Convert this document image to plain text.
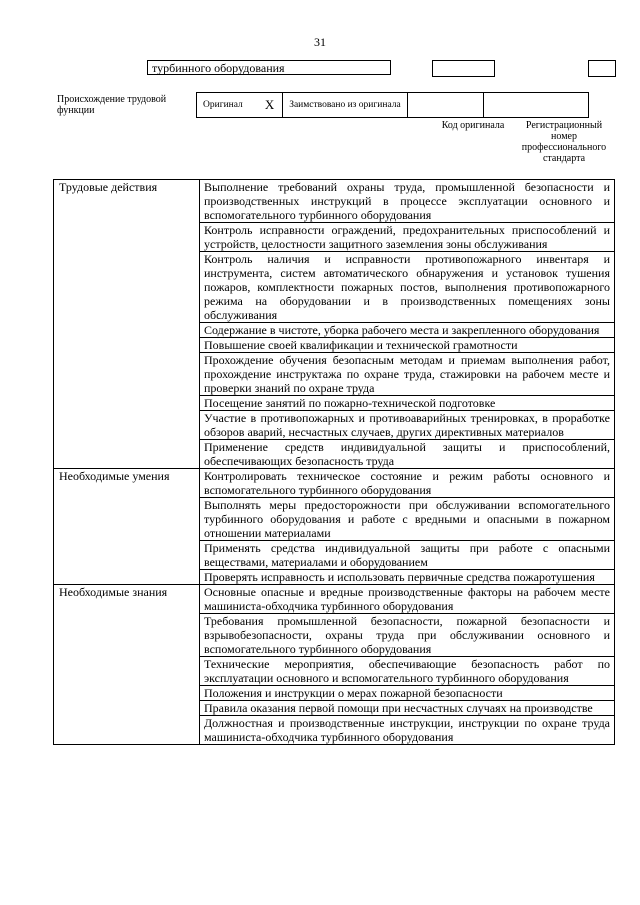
31
турбинного оборудования
Происхождение трудовой функции	Оригинал	X	Заимствовано из оригинала		
Код оригинала	Регистрационный номер профессионального стандарта
Трудовые действия	Выполнение требований охраны труда, промышленной безопасности и производственных инструкций в процессе эксплуатации основного и вспомогательного турбинного оборудования
	Контроль исправности ограждений, предохранительных приспособлений и устройств, целостности защитного заземления зоны обслуживания
	Контроль наличия и исправности противопожарного инвентаря и инструмента, систем автоматического обнаружения и установок тушения пожаров, комплектности пожарных постов, выполнения противопожарного режима на оборудовании и в производственных помещениях зоны обслуживания
	Содержание в чистоте, уборка рабочего места и закрепленного оборудования
	Повышение своей квалификации и технической грамотности
	Прохождение обучения безопасным методам и приемам выполнения работ, прохождение инструктажа по охране труда, стажировки на рабочем месте и проверки знаний по охране труда
	Посещение занятий по пожарно-технической подготовке
	Участие в противопожарных и противоаварийных тренировках, в проработке обзоров аварий, несчастных случаев, других директивных материалов
	Применение средств индивидуальной защиты и приспособлений, обеспечивающих безопасность труда
Необходимые умения	Контролировать техническое состояние и режим работы основного и вспомогательного турбинного оборудования
	Выполнять меры предосторожности при обслуживании вспомогательного турбинного оборудования и работе с вредными и опасными в пожарном отношении материалами
	Применять средства индивидуальной защиты при работе с опасными веществами, материалами и оборудованием
	Проверять исправность и использовать первичные средства пожаротушения
Необходимые знания	Основные опасные и вредные производственные факторы на рабочем месте машиниста-обходчика турбинного оборудования
	Требования промышленной безопасности, пожарной безопасности и взрывобезопасности, охраны труда при обслуживании основного и вспомогательного турбинного оборудования
	Технические мероприятия, обеспечивающие безопасность работ по эксплуатации основного и вспомогательного турбинного оборудования
	Положения и инструкции о мерах пожарной безопасности
	Правила оказания первой помощи при несчастных случаях на производстве
	Должностная и производственные инструкции, инструкции по охране труда машиниста-обходчика турбинного оборудования
